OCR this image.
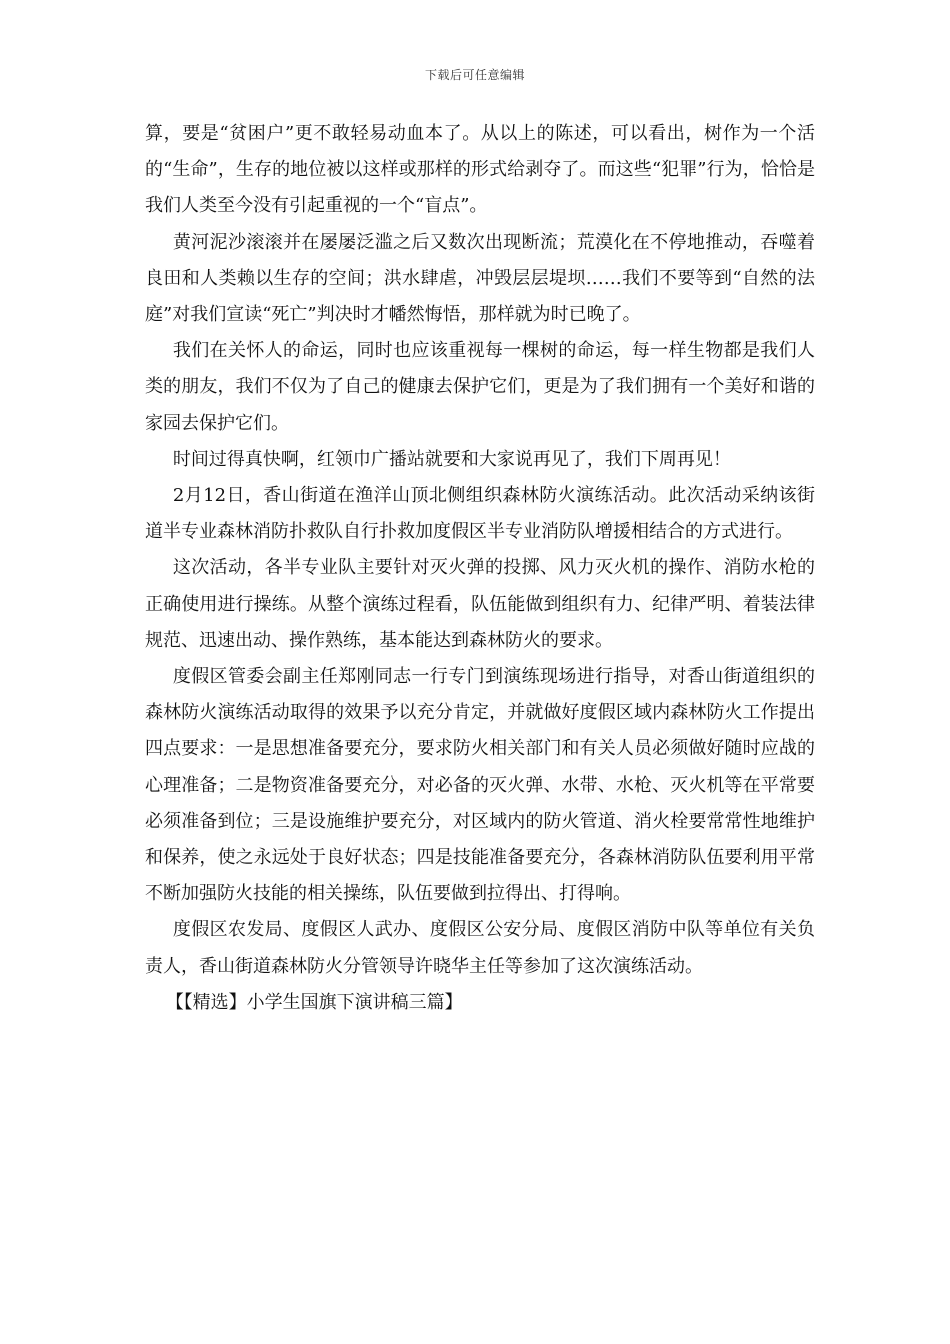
下载后可任意编辑

算，要是“贫困户”更不敢轻易动血本了。从以上的陈述，可以看出，树作为一个活的“生命”，生存的地位被以这样或那样的形式给剥夺了。而这些“犯罪”行为，恰恰是我们人类至今没有引起重视的一个“盲点”。

黄河泥沙滚滚并在屡屡泛滥之后又数次出现断流；荒漠化在不停地推动，吞噬着良田和人类赖以生存的空间；洪水肆虐，冲毁层层堤坝……我们不要等到“自然的法庭”对我们宣读“死亡”判决时才幡然悔悟，那样就为时已晚了。

我们在关怀人的命运，同时也应该重视每一棵树的命运，每一样生物都是我们人类的朋友，我们不仅为了自己的健康去保护它们，更是为了我们拥有一个美好和谐的家园去保护它们。

时间过得真快啊，红领巾广播站就要和大家说再见了，我们下周再见！

2月12日，香山街道在渔洋山顶北侧组织森林防火演练活动。此次活动采纳该街道半专业森林消防扑救队自行扑救加度假区半专业消防队增援相结合的方式进行。

这次活动，各半专业队主要针对灭火弹的投掷、风力灭火机的操作、消防水枪的正确使用进行操练。从整个演练过程看，队伍能做到组织有力、纪律严明、着装法律规范、迅速出动、操作熟练，基本能达到森林防火的要求。

度假区管委会副主任郑刚同志一行专门到演练现场进行指导，对香山街道组织的森林防火演练活动取得的效果予以充分肯定，并就做好度假区域内森林防火工作提出四点要求：一是思想准备要充分，要求防火相关部门和有关人员必须做好随时应战的心理准备；二是物资准备要充分，对必备的灭火弹、水带、水枪、灭火机等在平常要必须准备到位；三是设施维护要充分，对区域内的防火管道、消火栓要常常性地维护和保养，使之永远处于良好状态；四是技能准备要充分，各森林消防队伍要利用平常不断加强防火技能的相关操练，队伍要做到拉得出、打得响。

度假区农发局、度假区人武办、度假区公安分局、度假区消防中队等单位有关负责人，香山街道森林防火分管领导许晓华主任等参加了这次演练活动。

【【精选】小学生国旗下演讲稿三篇】
